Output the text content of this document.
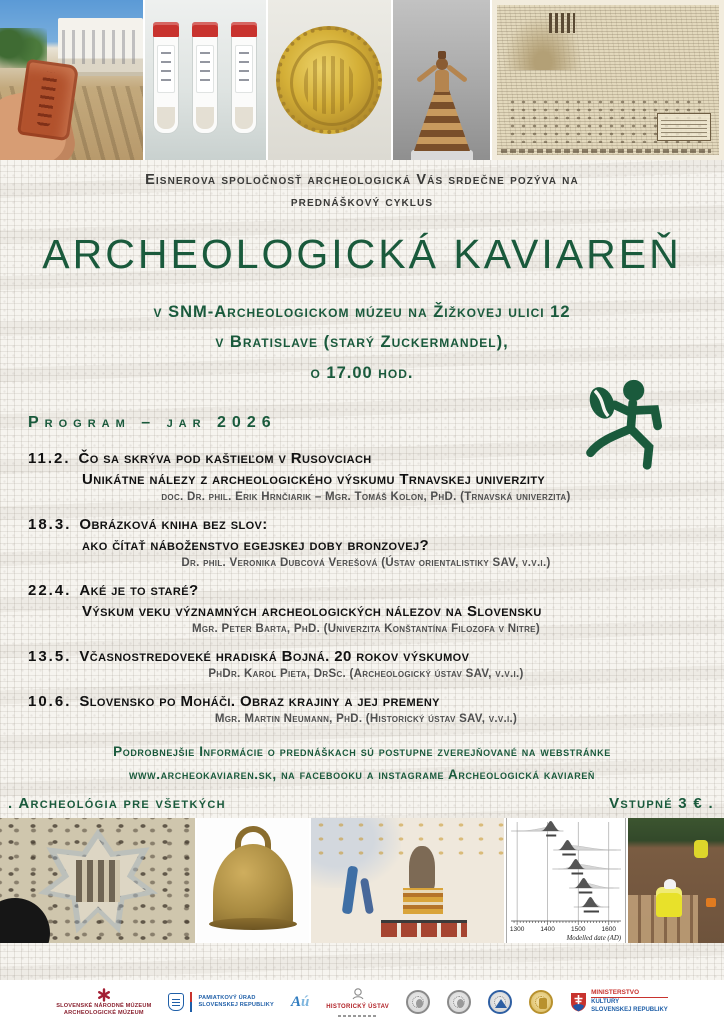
Eisnerova spoločnosť archeologická Vás srdečne pozýva na
prednáškový cyklus
ARCHEOLOGICKÁ KAVIAREŇ
v SNM-Archeologickom múzeu na Žižkovej ulici 12
v Bratislave (starý Zuckermandel),
o 17.00 hod.
Program – jar 2026
11.2. Čo sa skrýva pod kaštieľom v Rusovciach
Unikátne nálezy z archeologického výskumu Trnavskej univerzity
doc. Dr. phil. Erik Hrnčiarik – Mgr. Tomáš Kolon, PhD. (Trnavská univerzita)
18.3. Obrázková kniha bez slov:
ako čítať náboženstvo egejskej doby bronzovej?
Dr. phil. Veronika Dubcová Verešová (Ústav orientalistiky SAV, v.v.i.)
22.4. Aké je to staré?
Výskum veku významných archeologických nálezov na Slovensku
Mgr. Peter Barta, PhD. (Univerzita Konštantína Filozofa v Nitre)
13.5. Včasnostredoveké hradiská Bojná. 20 rokov výskumov
PhDr. Karol Pieta, DrSc. (Archeologický ústav SAV, v.v.i.)
10.6. Slovensko po Moháči. Obraz krajiny a jej premeny
Mgr. Martin Neumann, PhD. (Historický ústav SAV, v.v.i.)
Podrobnejšie Informácie o prednáškach sú postupne zverejňované na webstránke
www.archeokaviaren.sk, na facebooku a instagrame Archeologická kaviareň
. Archeológia pre všetkých	Vstupné 3 € .
1300 1400 1500 1600
Modelled date (AD)
SLOVENSKÉ NÁRODNÉ MÚZEUM
ARCHEOLOGICKÉ MÚZEUM
PAMIATKOVÝ ÚRAD
SLOVENSKEJ REPUBLIKY Aú	HISTORICKÝ ÚSTAV
MINISTERSTVO
KULTÚRY
SLOVENSKEJ REPUBLIKY
